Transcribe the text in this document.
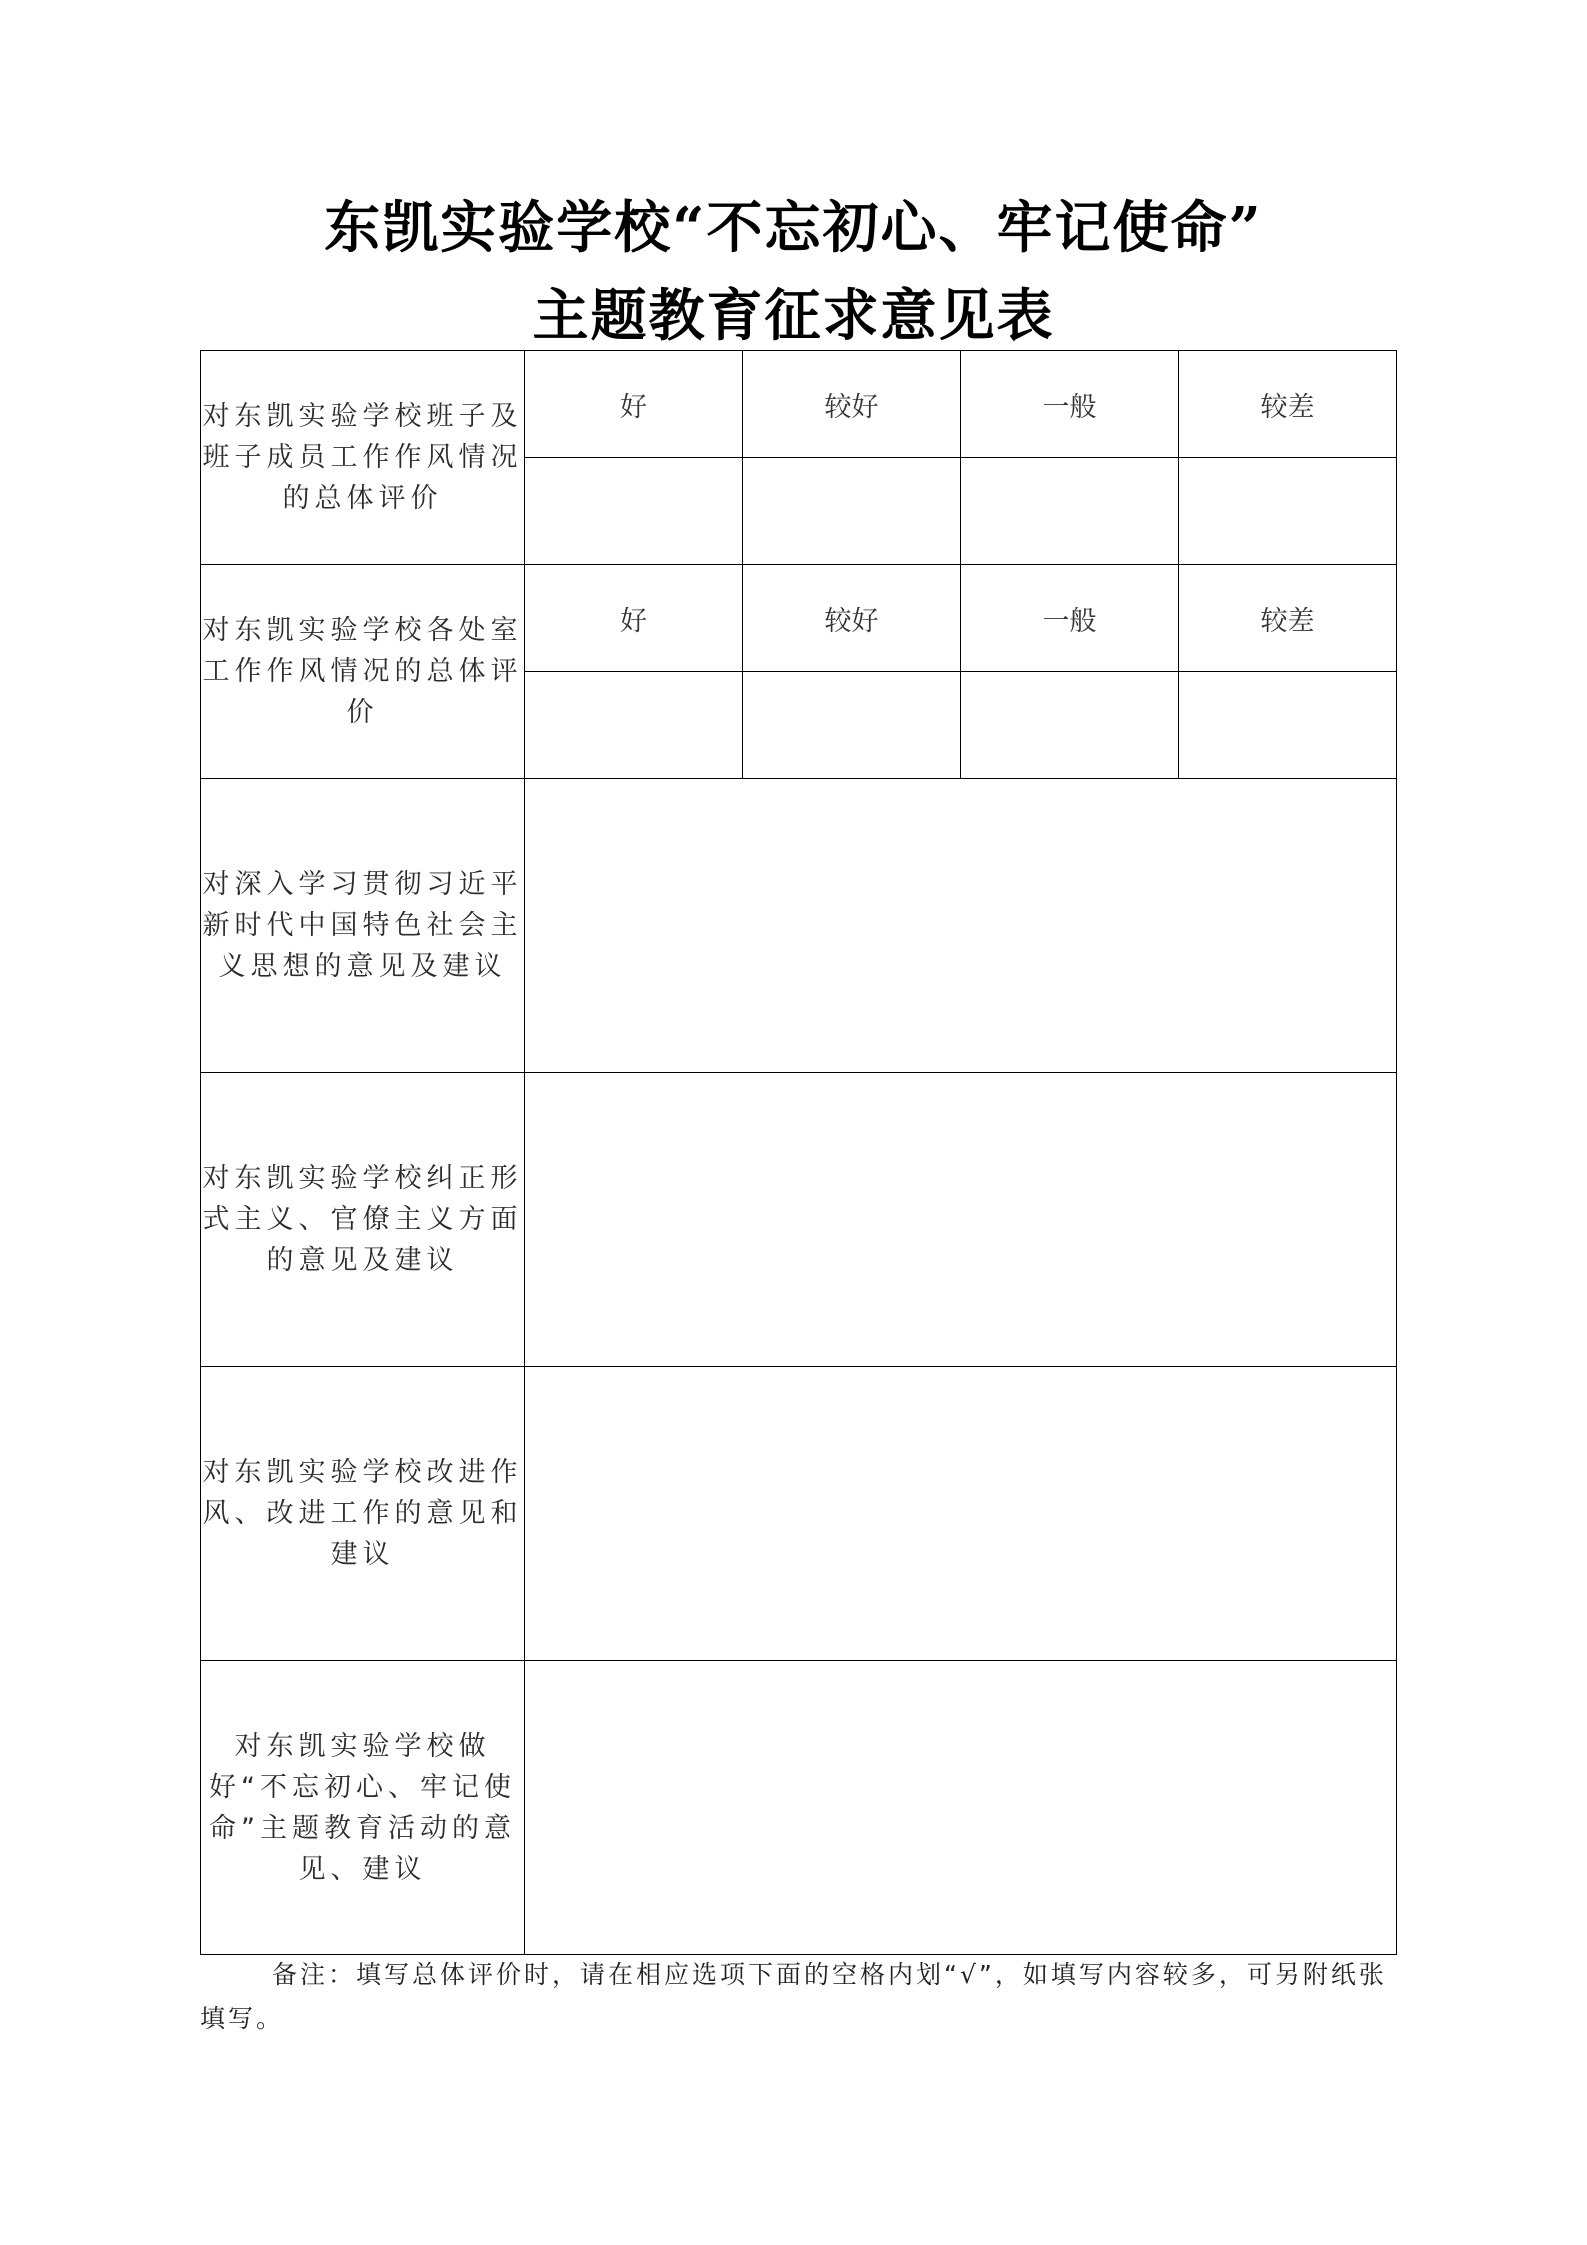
东凯实验学校“不忘初心、牢记使命”
主题教育征求意见表
对东凯实验学校班子及班子成员工作作风情况的总体评价	好	较好	一般	较差

对东凯实验学校各处室工作作风情况的总体评价	好	较好	一般	较差

对深入学习贯彻习近平新时代中国特色社会主义思想的意见及建议				
对东凯实验学校纠正形式主义、官僚主义方面的意见及建议				
对东凯实验学校改进作风、改进工作的意见和建议				
对东凯实验学校做好“不忘初心、牢记使命”主题教育活动的意见、建议				
备注：填写总体评价时，请在相应选项下面的空格内划“√”，如填写内容较多，可另附纸张填写。
